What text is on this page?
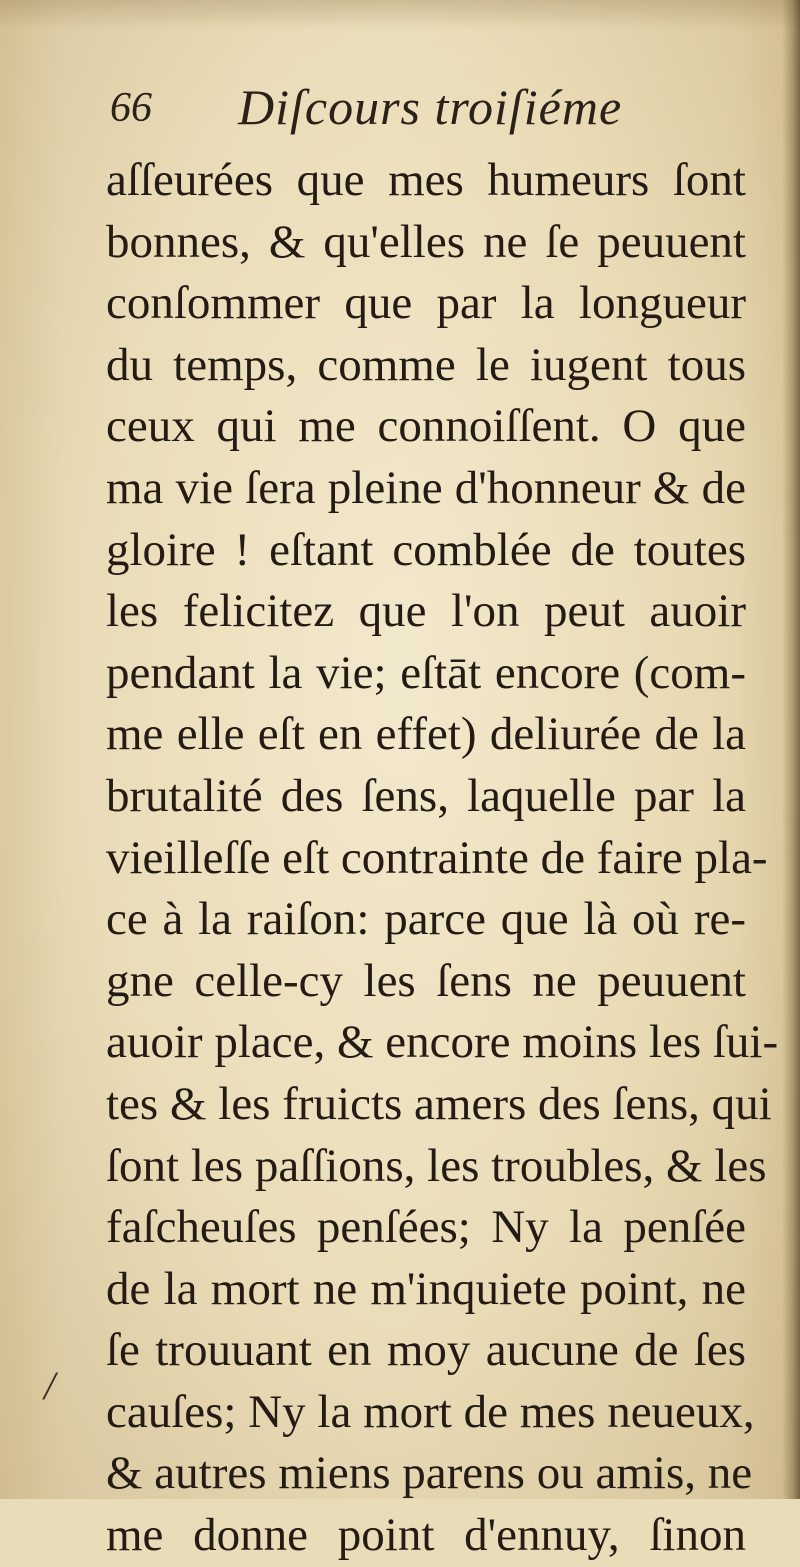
66 Diſcours troiſiéme
aſſeurées que mes humeurs ſont
bonnes, & qu'elles ne ſe peuuent
conſommer que par la longueur
du temps, comme le iugent tous
ceux qui me connoiſſent. O que
ma vie ſera pleine d'honneur & de
gloire ! eſtant comblée de toutes
les felicitez que l'on peut auoir
pendant la vie; eſtāt encore (com-
me elle eſt en effet) deliurée de la
brutalité des ſens, laquelle par la
vieilleſſe eſt contrainte de faire pla-
ce à la raiſon: parce que là où re-
gne celle-cy les ſens ne peuuent
auoir place, & encore moins les ſui-
tes & les fruicts amers des ſens, qui
ſont les paſſions, les troubles, & les
faſcheuſes penſées; Ny la penſée
de la mort ne m'inquiete point, ne
ſe trouuant en moy aucune de ſes
cauſes; Ny la mort de mes neueux,
& autres miens parens ou amis, ne
me donne point d'ennuy, ſinon
/
